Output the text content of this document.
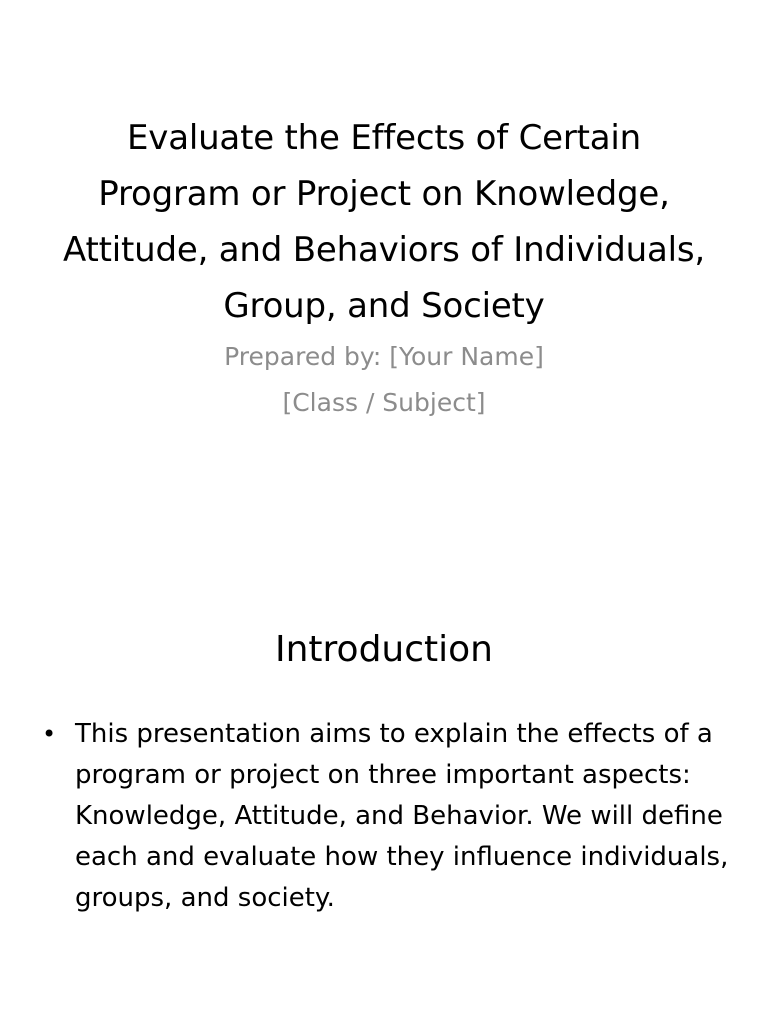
Evaluate the Effects of Certain Program or Project on Knowledge, Attitude, and Behaviors of Individuals, Group, and Society
Prepared by: [Your Name]
[Class / Subject]
Introduction
• This presentation aims to explain the effects of a program or project on three important aspects: Knowledge, Attitude, and Behavior. We will define each and evaluate how they influence individuals, groups, and society.
